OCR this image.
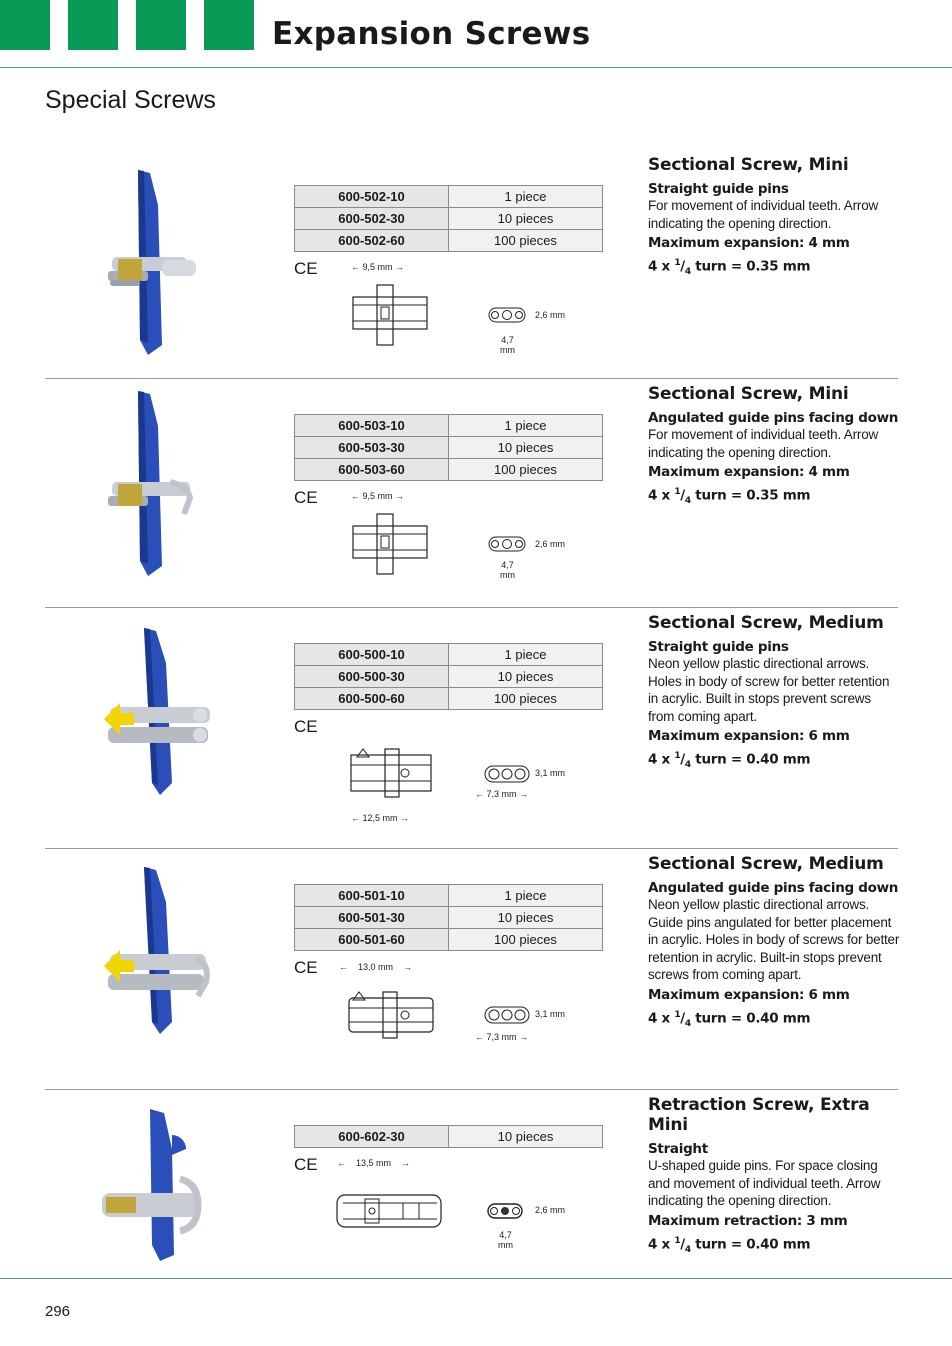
Expansion Screws
Special Screws
600-502-10	1 piece
600-502-30	10 pieces
600-502-60	100 pieces
CE	← 9,5 mm →
2,6 mm
4,7
mm
Sectional Screw, Mini
Straight guide pins
For movement of individual teeth. Arrow indicating the opening direction.
Maximum expansion: 4 mm
4 x $^1/_4$ turn = 0.35 mm
600-503-10	1 piece
600-503-30	10 pieces
600-503-60	100 pieces
CE	← 9,5 mm →
2,6 mm
4,7
mm
Sectional Screw, Mini
Angulated guide pins facing down
For movement of individual teeth. Arrow indicating the opening direction.
Maximum expansion: 4 mm
4 x $^1/_4$ turn = 0.35 mm
600-500-10	1 piece
600-500-30	10 pieces
600-500-60	100 pieces
CE
← 12,5 mm →
3,1 mm
← 7,3 mm →
Sectional Screw, Medium
Straight guide pins
Neon yellow plastic directional arrows. Holes in body of screw for better retention in acrylic. Built in stops prevent screws from coming apart.
Maximum expansion: 6 mm
4 x $^1/_4$ turn = 0.40 mm
600-501-10	1 piece
600-501-30	10 pieces
600-501-60	100 pieces
CE ←    13,0 mm    →
3,1 mm
← 7,3 mm →
Sectional Screw, Medium
Angulated guide pins facing down
Neon yellow plastic directional arrows. Guide pins angulated for better placement in acrylic. Holes in body of screws for better retention in acrylic. Built-in stops prevent screws from coming apart.
Maximum expansion: 6 mm
4 x $^1/_4$ turn = 0.40 mm
600-602-30	10 pieces
CE ←    13,5 mm    →
2,6 mm
4,7
mm
Retraction Screw, Extra Mini
Straight
U-shaped guide pins. For space closing and movement of individual teeth. Arrow indicating the opening direction.
Maximum retraction: 3 mm
4 x $^1/_4$ turn = 0.40 mm
296
